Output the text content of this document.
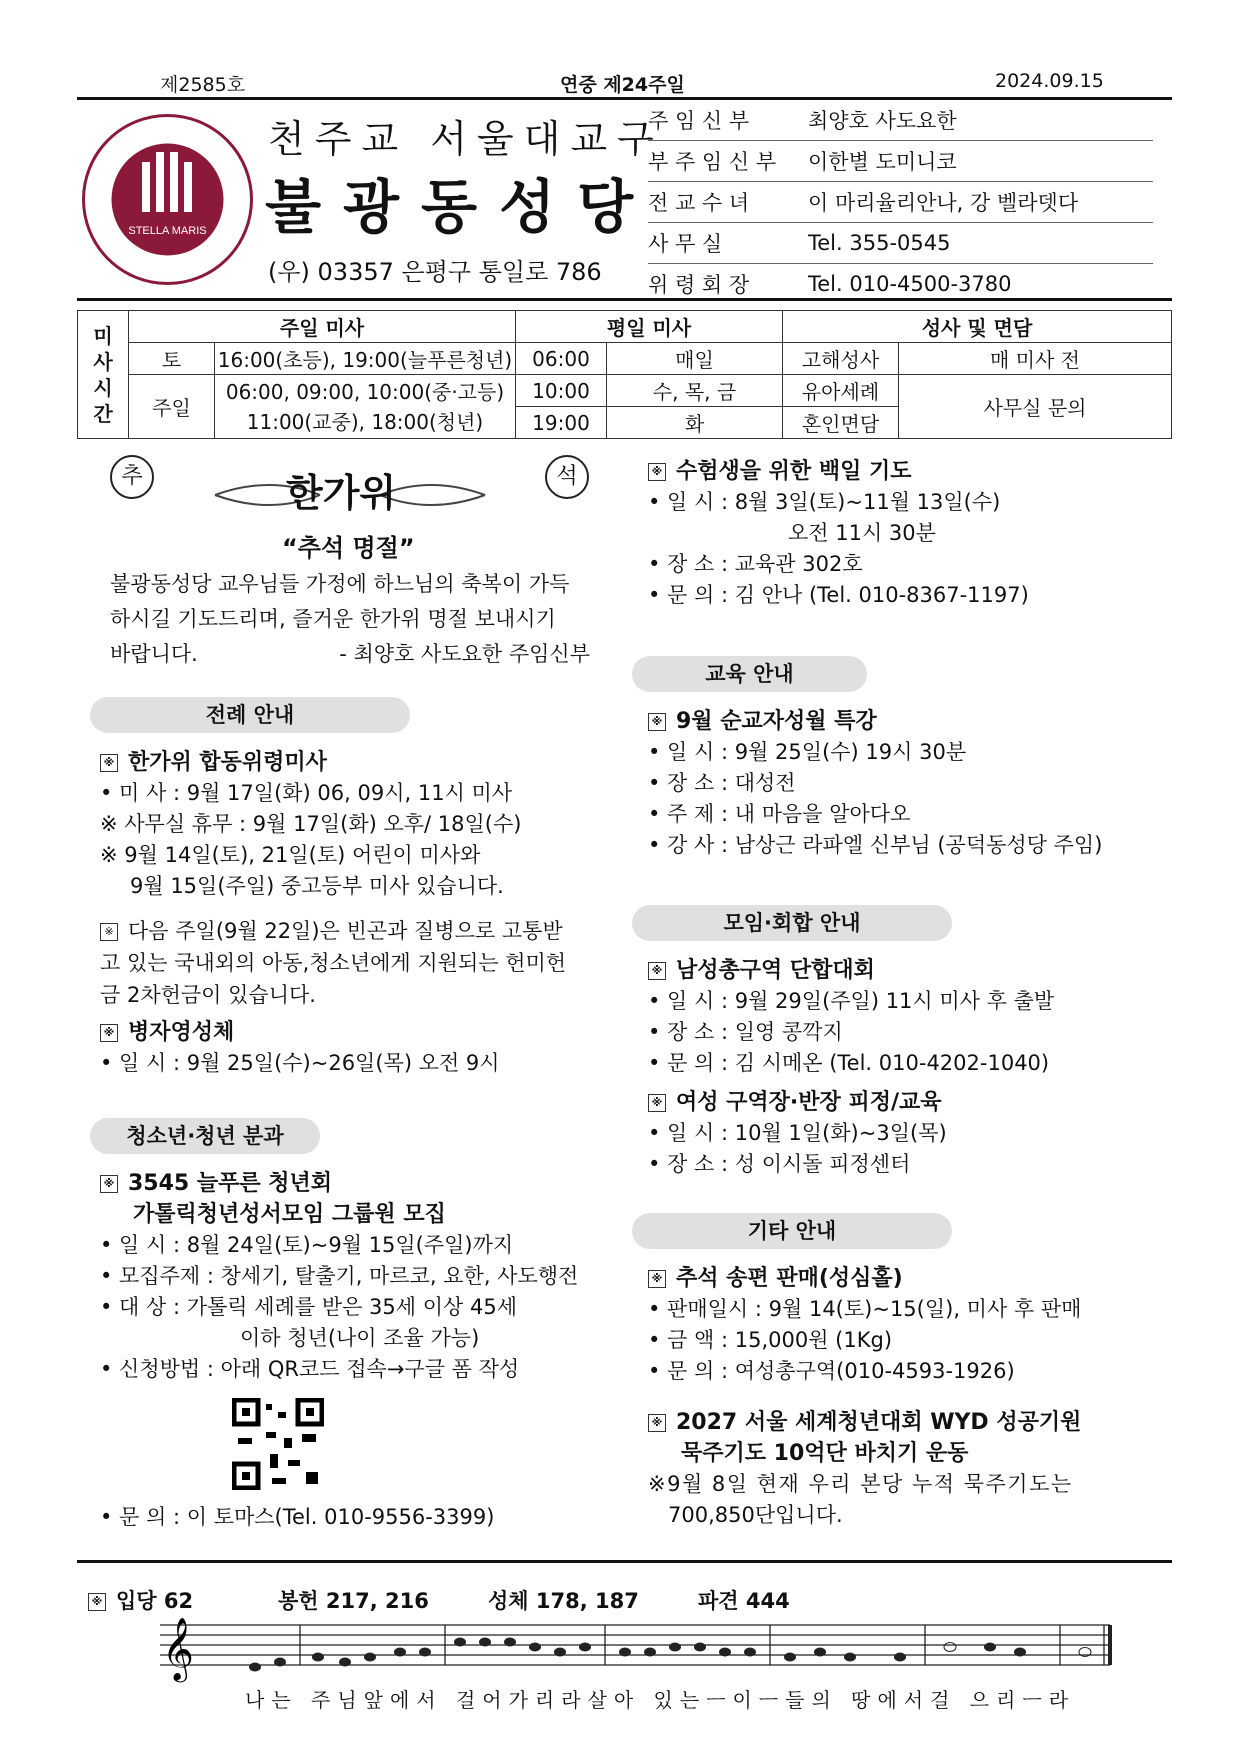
제2585호	연중 제24주일	2024.09.15
STELLA MARIS
천주교 서울대교구
불광동성당
(우) 03357 은평구 통일로 786
주 임 신 부	최양호 사도요한
부 주 임 신 부	이한별 도미니코
전 교 수 녀	이 마리율리안나, 강 벨라뎃다
사 무 실	Tel. 355-0545
위 령 회 장	Tel. 010-4500-3780
미사 시간	주일 미사		평일 미사		성사 및 면담	
	토	16:00(초등), 19:00(늘푸른청년)	06:00	매일	고해성사	매 미사 전
	주일	06:00, 09:00, 10:00(중·고등)
11:00(교중), 18:00(청년)	10:00	수, 목, 금	유아세례	사무실 문의
			19:00	화	혼인면담	
추	석
한가위
“추석 명절”
불광동성당 교우님들 가정에 하느님의 축복이 가득
하시길 기도드리며, 즐거운 한가위 명절 보내시기
바랍니다.	- 최양호 사도요한 주임신부
전례 안내
※ 한가위 합동위령미사
• 미 사 : 9월 17일(화) 06, 09시, 11시 미사
※ 사무실 휴무 : 9월 17일(화) 오후/ 18일(수)
※ 9월 14일(토), 21일(토) 어린이 미사와
9월 15일(주일) 중고등부 미사 있습니다.
※ 다음 주일(9월 22일)은 빈곤과 질병으로 고통받
고 있는 국내외의 아동,청소년에게 지원되는 헌미헌
금 2차헌금이 있습니다.
※ 병자영성체
• 일 시 : 9월 25일(수)~26일(목) 오전 9시
청소년·청년 분과
※ 3545 늘푸른 청년회
가톨릭청년성서모임 그룹원 모집
• 일 시 : 8월 24일(토)~9월 15일(주일)까지
• 모집주제 : 창세기, 탈출기, 마르코, 요한, 사도행전
• 대 상 : 가톨릭 세례를 받은 35세 이상 45세
이하 청년(나이 조율 가능)
• 신청방법 : 아래 QR코드 접속→구글 폼 작성
• 문 의 : 이 토마스(Tel. 010-9556-3399)
※ 수험생을 위한 백일 기도
• 일 시 : 8월 3일(토)~11월 13일(수)
오전 11시 30분
• 장 소 : 교육관 302호
• 문 의 : 김 안나 (Tel. 010-8367-1197)
교육 안내
※ 9월 순교자성월 특강
• 일 시 : 9월 25일(수) 19시 30분
• 장 소 : 대성전
• 주 제 : 내 마음을 알아다오
• 강 사 : 남상근 라파엘 신부님 (공덕동성당 주임)
모임·회합 안내
※ 남성총구역 단합대회
• 일 시 : 9월 29일(주일) 11시 미사 후 출발
• 장 소 : 일영 콩깍지
• 문 의 : 김 시메온 (Tel. 010-4202-1040)
※ 여성 구역장·반장 피정/교육
• 일 시 : 10월 1일(화)~3일(목)
• 장 소 : 성 이시돌 피정센터
기타 안내
※ 추석 송편 판매(성심홀)
• 판매일시 : 9월 14(토)~15(일), 미사 후 판매
• 금 액 : 15,000원 (1Kg)
• 문 의 : 여성총구역(010-4593-1926)
※ 2027 서울 세계청년대회 WYD 성공기원
묵주기도 10억단 바치기 운동
※9월 8일 현재 우리 본당 누적 묵주기도는
700,850단입니다.
※ 입당 62	봉헌 217, 216	성체 178, 187	파견 444
𝄞
나는 주님앞에서 걸어가리라살아 있는ㅡ이ㅡ들의 땅에서걸 으리ㅡ라
